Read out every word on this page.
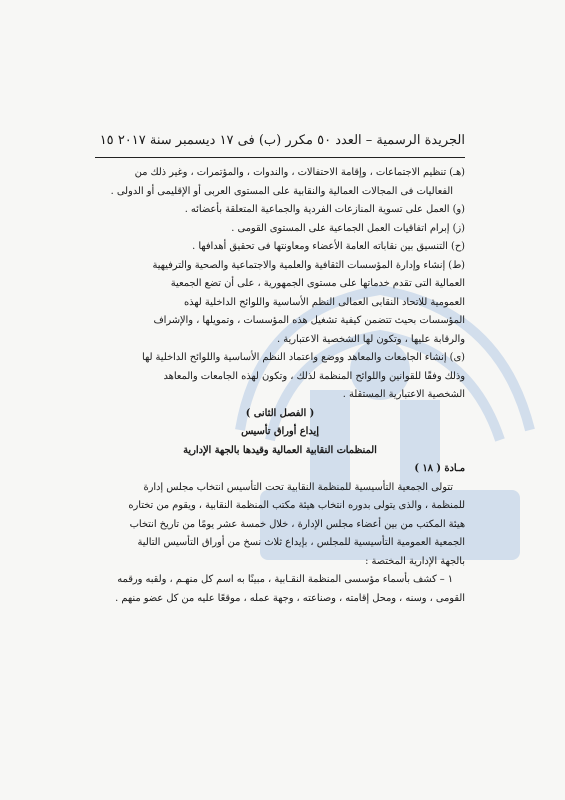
الجريدة الرسمية – العدد ٥٠ مكرر (ب) فى ١٧ ديسمبر سنة ٢٠١٧ ١٥

(هـ) تنظيم الاجتماعات ، وإقامة الاحتفالات ، والندوات ، والمؤتمرات ، وغير ذلك من

الفعاليات فى المجالات العمالية والنقابية على المستوى العربى أو الإقليمى أو الدولى .

(و) العمل على تسوية المنازعات الفردية والجماعية المتعلقة بأعضائه .

(ز) إبرام اتفاقيات العمل الجماعية على المستوى القومى .

(ح) التنسيق بين نقاباته العامة الأعضاء ومعاونتها فى تحقيق أهدافها .

(ط) إنشاء وإدارة المؤسسات الثقافية والعلمية والاجتماعية والصحية والترفيهية

العمالية التى تقدم خدماتها على مستوى الجمهورية ، على أن تضع الجمعية

العمومية للاتحاد النقابى العمالى النظم الأساسية واللوائح الداخلية لهذه

المؤسسات بحيث تتضمن كيفية تشغيل هذه المؤسسات ، وتمويلها ، والإشراف

والرقابة عليها ، وتكون لها الشخصية الاعتبارية .

(ى) إنشاء الجامعات والمعاهد ووضع واعتماد النظم الأساسية واللوائح الداخلية لها

وذلك وفقًا للقوانين واللوائح المنظمة لذلك ، وتكون لهذه الجامعات والمعاهد

الشخصية الاعتبارية المستقلة .

( الفصل الثانى )

إيداع أوراق تأسيس

المنظمات النقابية العمالية وقيدها بالجهة الإدارية

مـادة ( ١٨ )

تتولى الجمعية التأسيسية للمنظمة النقابية تحت التأسيس انتخاب مجلس إدارة

للمنظمة ، والذى يتولى بدوره انتخاب هيئة مكتب المنظمة النقابية ، ويقوم من تختاره

هيئة المكتب من بين أعضاء مجلس الإدارة ، خلال خمسة عشر يومًا من تاريخ انتخاب

الجمعية العمومية التأسيسية للمجلس ، بإيداع ثلاث نسخ من أوراق التأسيس التالية

بالجهة الإدارية المختصة :

١ – كشف بأسماء مؤسسى المنظمة النقـابية ، مبينًا به اسم كل منهـم ، ولقبه ورقمه

القومى ، وسنه ، ومحل إقامته ، وصناعته ، وجهة عمله ، موقعًا عليه من كل عضو منهم .
